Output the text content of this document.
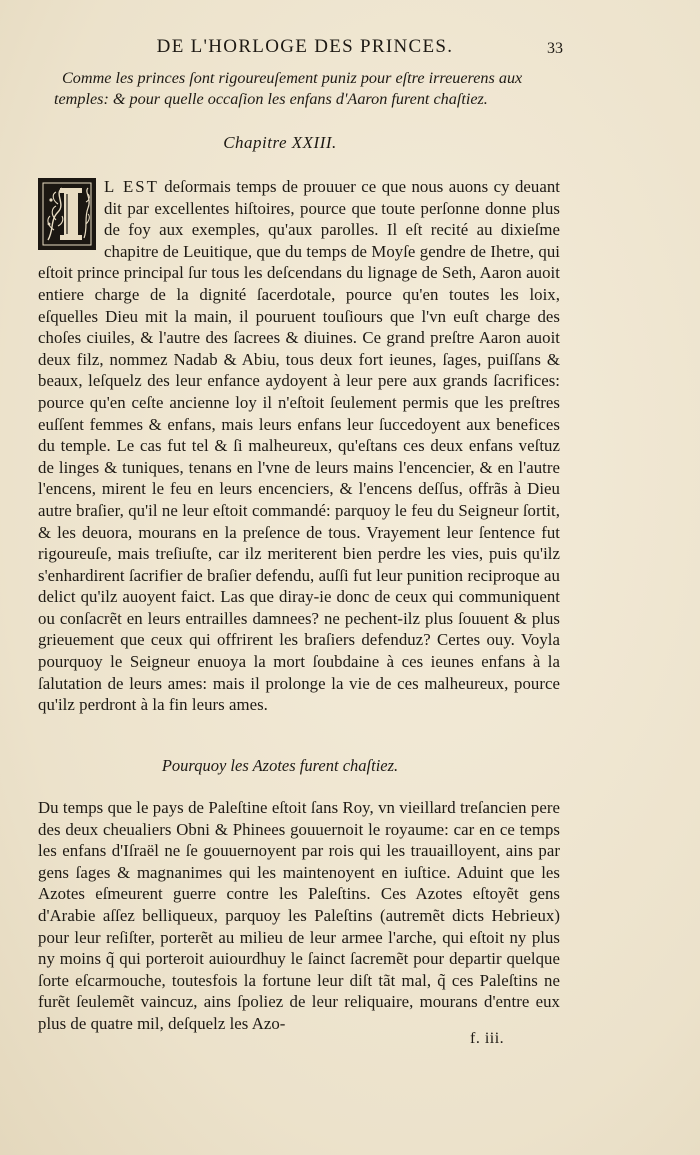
DE L'HORLOGE DES PRINCES.	33
Comme les princes ſont rigoureuſement puniz pour eſtre irreuerens aux temples: & pour quelle occaſion les enfans d'Aaron furent chaſtiez.
Chapitre XXIII.

L EST deſormais temps de prouuer ce que nous auons cy deuant dit par excellentes hiſtoires, pource que toute perſonne donne plus de foy aux exemples, qu'aux parolles. Il eſt recité au dixieſme chapitre de Leuitique, que du temps de Moyſe gendre de Ihetre, qui eſtoit prince principal ſur tous les deſcendans du lignage de Seth, Aaron auoit entiere charge de la dignité ſacerdotale, pource qu'en toutes les loix, eſquelles Dieu mit la main, il pouruent touſiours que l'vn euſt charge des choſes ciuiles, & l'autre des ſacrees & diuines. Ce grand preſtre Aaron auoit deux filz, nommez Nadab & Abiu, tous deux fort ieunes, ſages, puiſſans & beaux, leſquelz des leur enfance aydoyent à leur pere aux grands ſacrifices: pource qu'en ceſte ancienne loy il n'eſtoit ſeulement permis que les preſtres euſſent femmes & enfans, mais leurs enfans leur ſuccedoyent aux benefices du temple. Le cas fut tel & ſi malheureux, qu'eſtans ces deux enfans veſtuz de linges & tuniques, tenans en l'vne de leurs mains l'encencier, & en l'autre l'encens, mirent le feu en leurs encenciers, & l'encens deſſus, offrãs à Dieu autre braſier, qu'il ne leur eſtoit commandé: parquoy le feu du Seigneur ſortit, & les deuora, mourans en la preſence de tous. Vrayement leur ſentence fut rigoureuſe, mais treſiuſte, car ilz meriterent bien perdre les vies, puis qu'ilz s'enhardirent ſacrifier de braſier defendu, auſſi fut leur punition reciproque au delict qu'ilz auoyent faict. Las que diray-ie donc de ceux qui communiquent ou conſacrẽt en leurs entrailles damnees? ne pechent-ilz plus ſouuent & plus grieuement que ceux qui offrirent les braſiers defenduz? Certes ouy. Voyla pourquoy le Seigneur enuoya la mort ſoubdaine à ces ieunes enfans à la ſalutation de leurs ames: mais il prolonge la vie de ces malheureux, pource qu'ilz perdront à la fin leurs ames.

Pourquoy les Azotes furent chaſtiez.

Du temps que le pays de Paleſtine eſtoit ſans Roy, vn vieillard treſancien pere des deux cheualiers Obni & Phinees gouuernoit le royaume: car en ce temps les enfans d'Iſraël ne ſe gouuernoyent par rois qui les trauailloyent, ains par gens ſages & magnanimes qui les maintenoyent en iuſtice. Aduint que les Azotes eſmeurent guerre contre les Paleſtins. Ces Azotes eſtoyẽt gens d'Arabie aſſez belliqueux, parquoy les Paleſtins (autremẽt dicts Hebrieux) pour leur reſiſter, porterẽt au milieu de leur armee l'arche, qui eſtoit ny plus ny moins q̃ qui porteroit auiourdhuy le ſainct ſacremẽt pour departir quelque ſorte eſcarmouche, toutesfois la fortune leur diſt tãt mal, q̃ ces Paleſtins ne furẽt ſeulemẽt vaincuz, ains ſpoliez de leur reliquaire, mourans d'entre eux plus de quatre mil, deſquelz les Azo-

f. iii.
